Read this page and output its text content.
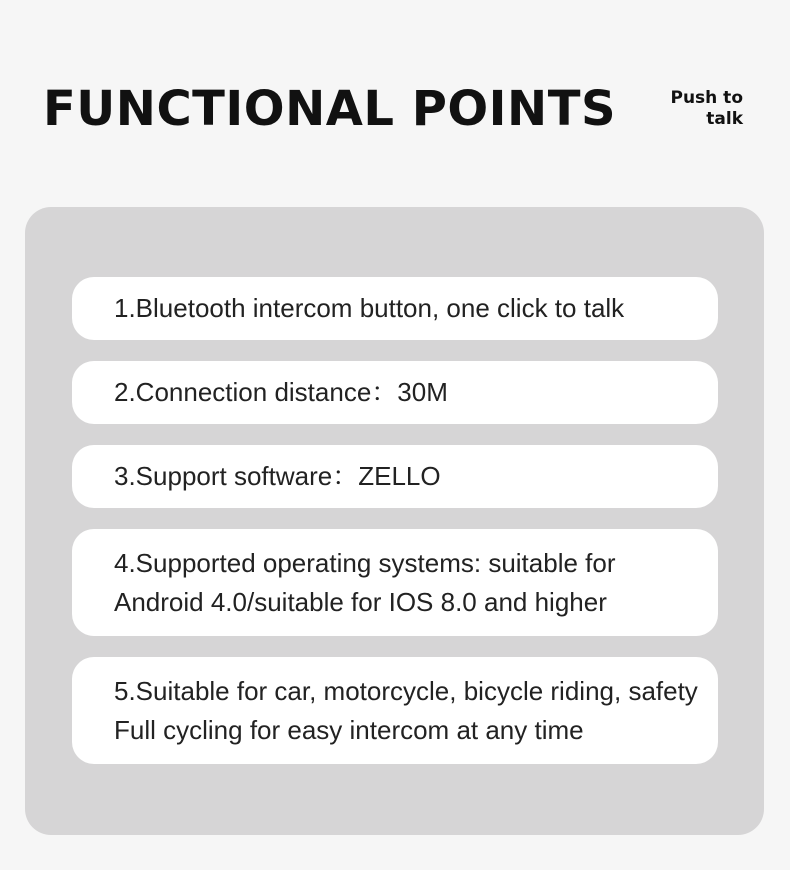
FUNCTIONAL POINTS	Push to
talk
1.Bluetooth intercom button, one click to talk
2.Connection distance：30M
3.Support software：ZELLO
4.Supported operating systems: suitable for Android 4.0/suitable for IOS 8.0 and higher
5.Suitable for car, motorcycle, bicycle riding, safety Full cycling for easy intercom at any time
